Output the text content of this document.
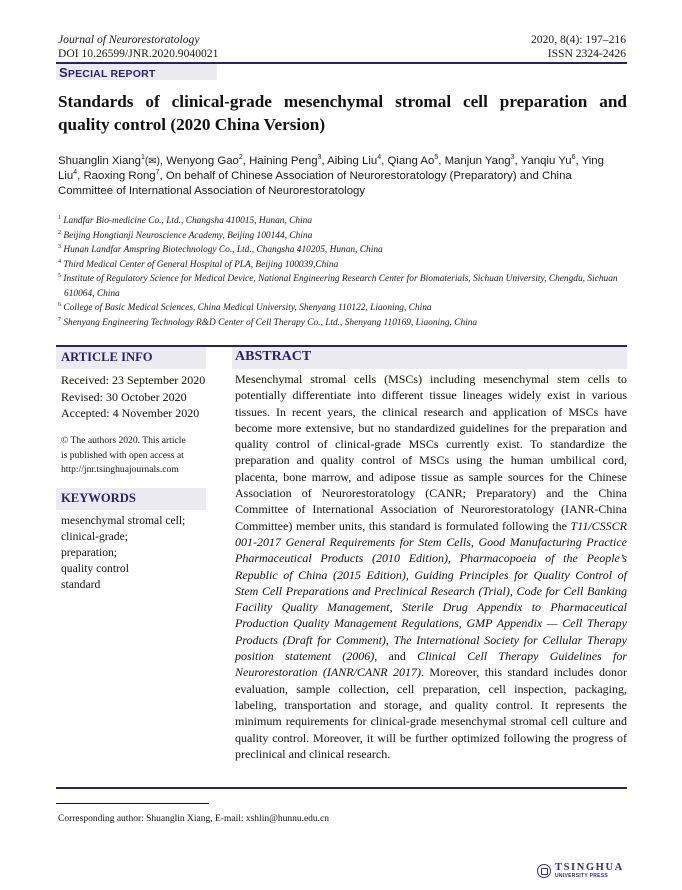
Journal of Neurorestoratology
DOI 10.26599/JNR.2020.9040021
2020, 8(4): 197–216
ISSN 2324-2426
SPECIAL REPORT
Standards of clinical-grade mesenchymal stromal cell preparation and quality control (2020 China Version)
Shuanglin Xiang$^1$(✉), Wenyong Gao$^2$, Haining Peng$^3$, Aibing Liu$^4$, Qiang Ao$^5$, Manjun Yang$^3$, Yanqiu Yu$^6$, Ying Liu$^4$, Raoxing Rong$^7$, On behalf of Chinese Association of Neurorestoratology (Preparatory) and China Committee of International Association of Neurorestoratology
$^1$ Landfar Bio-medicine Co., Ltd., Changsha 410015, Hunan, China
$^2$ Beijing Hongtianji Neuroscience Academy, Beijing 100144, China
$^3$ Hunan Landfar Amspring Biotechnology Co., Ltd., Changsha 410205, Hunan, China
$^4$ Third Medical Center of General Hospital of PLA, Beijing 100039,China
$^5$ Institute of Regulatory Science for Medical Device, National Engineering Research Center for Biomaterials, Sichuan University, Chengdu, Sichuan 610064, China
$^6$ College of Basic Medical Sciences, China Medical University, Shenyang 110122, Liaoning, China
$^7$ Shenyang Engineering Technology R&D Center of Cell Therapy Co., Ltd., Shenyang 110169, Liaoning, China
ARTICLE INFO
Received: 23 September 2020
Revised: 30 October 2020
Accepted: 4 November 2020
© The authors 2020. This article
is published with open access at
http://jnr.tsinghuajournals.com
KEYWORDS
mesenchymal stromal cell;
clinical-grade;
preparation;
quality control
standard
ABSTRACT
Mesenchymal stromal cells (MSCs) including mesenchymal stem cells to potentially differentiate into different tissue lineages widely exist in various tissues. In recent years, the clinical research and application of MSCs have become more extensive, but no standardized guidelines for the preparation and quality control of clinical-grade MSCs currently exist. To standardize the preparation and quality control of MSCs using the human umbilical cord, placenta, bone marrow, and adipose tissue as sample sources for the Chinese Association of Neurorestoratology (CANR; Preparatory) and the China Committee of International Association of Neurorestoratology (IANR-China Committee) member units, this standard is formulated following the T11/CSSCR 001-2017 General Requirements for Stem Cells, Good Manufacturing Practice Pharmaceutical Products (2010 Edition), Pharmacopoeia of the People’s Republic of China (2015 Edition), Guiding Principles for Quality Control of Stem Cell Preparations and Preclinical Research (Trial), Code for Cell Banking Facility Quality Management, Sterile Drug Appendix to Pharmaceutical Production Quality Management Regulations, GMP Appendix — Cell Therapy Products (Draft for Comment), The International Society for Cellular Therapy position statement (2006), and Clinical Cell Therapy Guidelines for Neurorestoration (IANR/CANR 2017). Moreover, this standard includes donor evaluation, sample collection, cell preparation, cell inspection, packaging, labeling, transportation and storage, and quality control. It represents the minimum requirements for clinical-grade mesenchymal stromal cell culture and quality control. Moreover, it will be further optimized following the progress of preclinical and clinical research.
Corresponding author: Shuanglin Xiang, E-mail: xshlin@hunnu.edu.cn
TSINGHUA
UNIVERSITY PRESS
